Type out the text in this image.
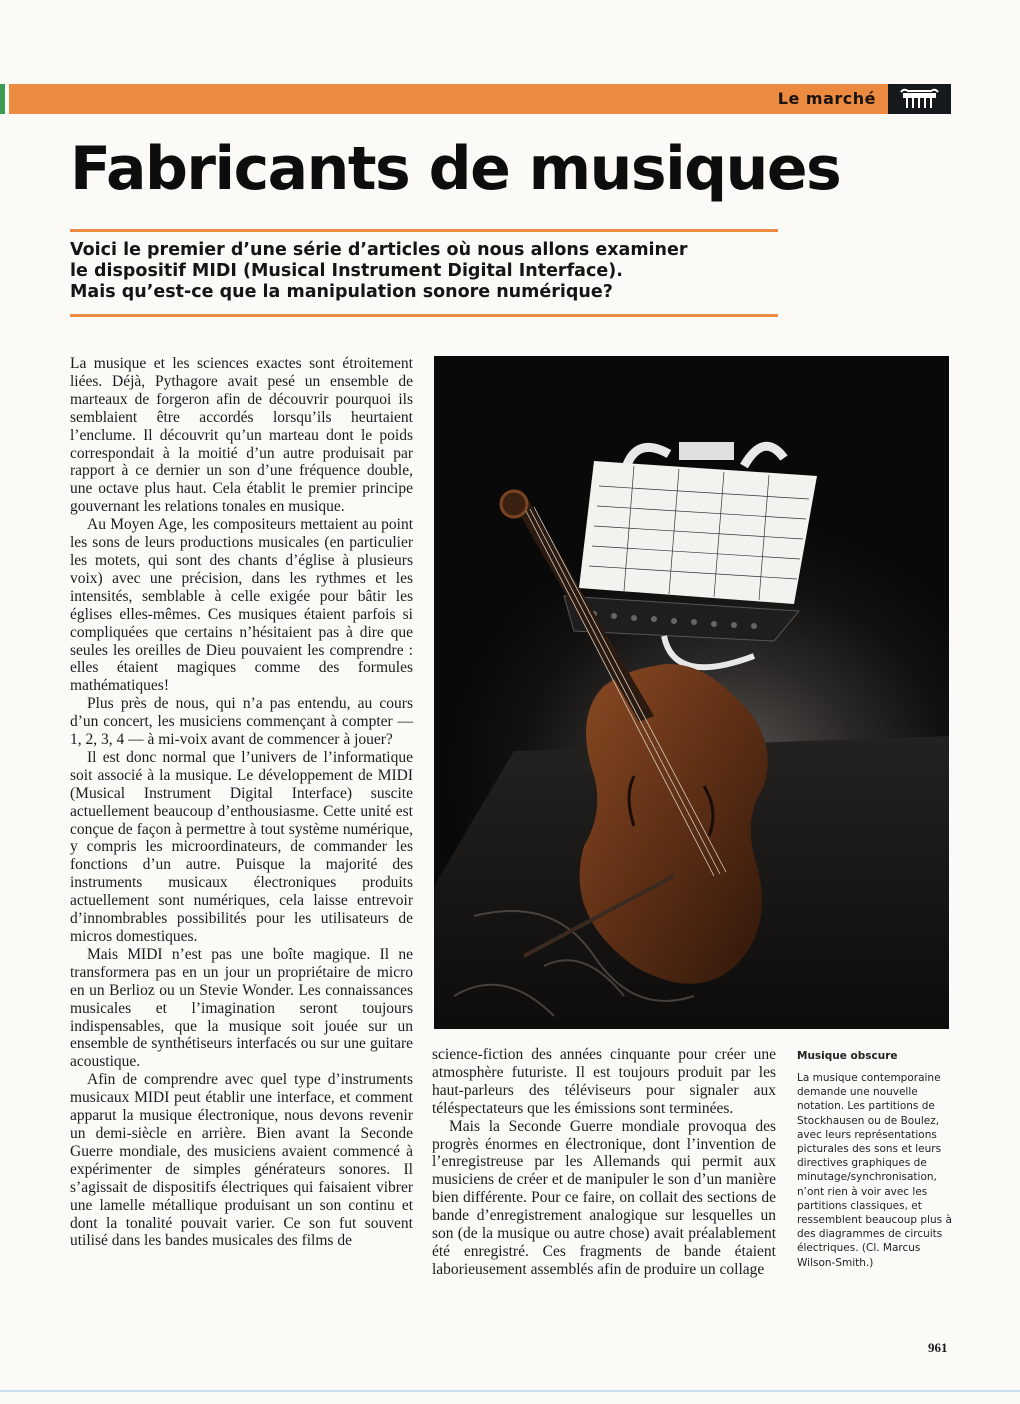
Le marché
Fabricants de musiques
Voici le premier d’une série d’articles où nous allons examiner
le dispositif MIDI (Musical Instrument Digital Interface).
Mais qu’est-ce que la manipulation sonore numérique?

La musique et les sciences exactes sont étroitement liées. Déjà, Pythagore avait pesé un ensemble de marteaux de forgeron afin de découvrir pourquoi ils semblaient être accordés lorsqu’ils heurtaient l’enclume. Il découvrit qu’un marteau dont le poids correspondait à la moitié d’un autre produisait par rapport à ce dernier un son d’une fréquence double, une octave plus haut. Cela établit le premier principe gouvernant les relations tonales en musique.

Au Moyen Age, les compositeurs mettaient au point les sons de leurs productions musicales (en particulier les motets, qui sont des chants d’église à plusieurs voix) avec une précision, dans les rythmes et les intensités, semblable à celle exigée pour bâtir les églises elles-mêmes. Ces musiques étaient parfois si compliquées que certains n’hésitaient pas à dire que seules les oreilles de Dieu pouvaient les comprendre : elles étaient magiques comme des formules mathématiques!

Plus près de nous, qui n’a pas entendu, au cours d’un concert, les musiciens commençant à compter — 1, 2, 3, 4 — à mi-voix avant de commencer à jouer?

Il est donc normal que l’univers de l’informatique soit associé à la musique. Le développement de MIDI (Musical Instrument Digital Interface) suscite actuellement beaucoup d’enthousiasme. Cette unité est conçue de façon à permettre à tout système numérique, y compris les microordinateurs, de commander les fonctions d’un autre. Puisque la majorité des instruments musicaux électroniques produits actuellement sont numériques, cela laisse entrevoir d’innombrables possibilités pour les utilisateurs de micros domestiques.

Mais MIDI n’est pas une boîte magique. Il ne transformera pas en un jour un propriétaire de micro en un Berlioz ou un Stevie Wonder. Les connaissances musicales et l’imagination seront toujours indispensables, que la musique soit jouée sur un ensemble de synthétiseurs interfacés ou sur une guitare acoustique.

Afin de comprendre avec quel type d’instruments musicaux MIDI peut établir une interface, et comment apparut la musique électronique, nous devons revenir un demi-siècle en arrière. Bien avant la Seconde Guerre mondiale, des musiciens avaient commencé à expérimenter de simples générateurs sonores. Il s’agissait de dispositifs électriques qui faisaient vibrer une lamelle métallique produisant un son continu et dont la tonalité pouvait varier. Ce son fut souvent utilisé dans les bandes musicales des films de

science-fiction des années cinquante pour créer une atmosphère futuriste. Il est toujours produit par les haut-parleurs des téléviseurs pour signaler aux téléspectateurs que les émissions sont terminées.

Mais la Seconde Guerre mondiale provoqua des progrès énormes en électronique, dont l’invention de l’enregistreuse par les Allemands qui permit aux musiciens de créer et de manipuler le son d’un manière bien différente. Pour ce faire, on collait des sections de bande d’enregistrement analogique sur lesquelles un son (de la musique ou autre chose) avait préalablement été enregistré. Ces fragments de bande étaient laborieusement assemblés afin de produire un collage

Musique obscure

La musique contemporaine demande une nouvelle notation. Les partitions de Stockhausen ou de Boulez, avec leurs représentations picturales des sons et leurs directives graphiques de minutage/synchronisation, n’ont rien à voir avec les partitions classiques, et ressemblent beaucoup plus à des diagrammes de circuits électriques. (Cl. Marcus Wilson-Smith.)

961
